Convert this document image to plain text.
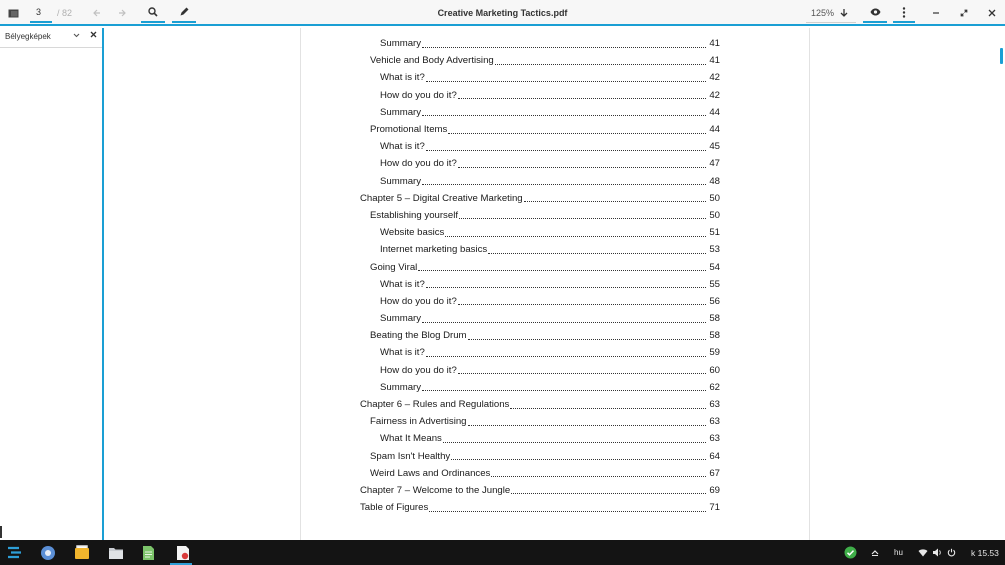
3 / 82	Creative Marketing Tactics.pdf	125%
Bélyegképek
Summary	41
Vehicle and Body Advertising	41
What is it?	42
How do you do it?	42
Summary	44
Promotional Items	44
What is it?	45
How do you do it?	47
Summary	48
Chapter 5 – Digital Creative Marketing	50
Establishing yourself	50
Website basics	51
Internet marketing basics	53
Going Viral	54
What is it?	55
How do you do it?	56
Summary	58
Beating the Blog Drum	58
What is it?	59
How do you do it?	60
Summary	62
Chapter 6 – Rules and Regulations	63
Fairness in Advertising	63
What It Means	63
Spam Isn't Healthy	64
Weird Laws and Ordinances	67
Chapter 7 – Welcome to the Jungle	69
Table of Figures	71
hu	k 15.53
